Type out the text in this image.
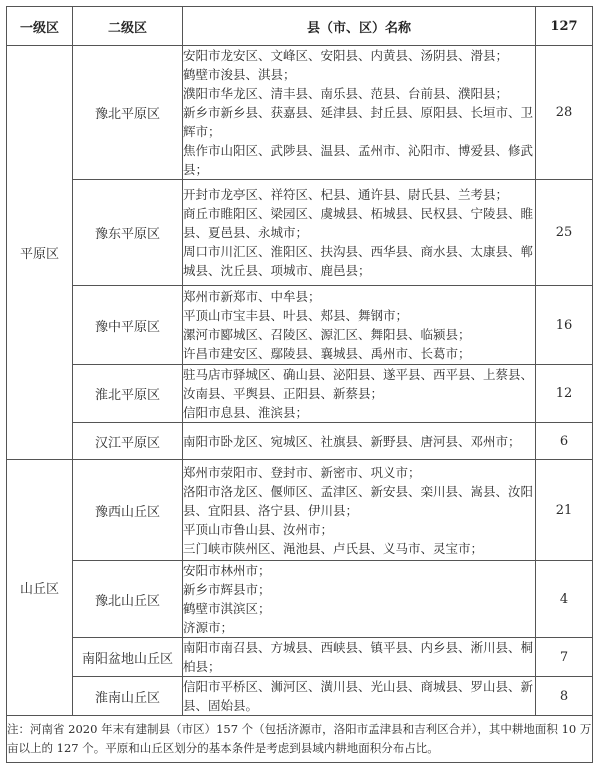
一级区	二级区	县（市、区）名称	127
平原区	豫北平原区	安阳市龙安区、文峰区、安阳县、内黄县、汤阴县、滑县；
鹤壁市浚县、淇县；
濮阳市华龙区、清丰县、南乐县、范县、台前县、濮阳县；
新乡市新乡县、获嘉县、延津县、封丘县、原阳县、长垣市、卫辉市；
焦作市山阳区、武陟县、温县、孟州市、沁阳市、博爱县、修武县；	28
	豫东平原区	开封市龙亭区、祥符区、杞县、通许县、尉氏县、兰考县；
商丘市睢阳区、梁园区、虞城县、柘城县、民权县、宁陵县、睢县、夏邑县、永城市；
周口市川汇区、淮阳区、扶沟县、西华县、商水县、太康县、郸城县、沈丘县、项城市、鹿邑县；	25
	豫中平原区	郑州市新郑市、中牟县；
平顶山市宝丰县、叶县、郏县、舞钢市；
漯河市郾城区、召陵区、源汇区、舞阳县、临颍县；
许昌市建安区、鄢陵县、襄城县、禹州市、长葛市；	16
	淮北平原区	驻马店市驿城区、确山县、泌阳县、遂平县、西平县、上蔡县、汝南县、平舆县、正阳县、新蔡县；
信阳市息县、淮滨县；	12
	汉江平原区	南阳市卧龙区、宛城区、社旗县、新野县、唐河县、邓州市；	6
山丘区	豫西山丘区	郑州市荥阳市、登封市、新密市、巩义市；
洛阳市洛龙区、偃师区、孟津区、新安县、栾川县、嵩县、汝阳县、宜阳县、洛宁县、伊川县；
平顶山市鲁山县、汝州市；
三门峡市陕州区、渑池县、卢氏县、义马市、灵宝市；	21
	豫北山丘区	安阳市林州市；
新乡市辉县市；
鹤壁市淇滨区；
济源市；	4
	南阳盆地山丘区	南阳市南召县、方城县、西峡县、镇平县、内乡县、淅川县、桐柏县；	7
	淮南山丘区	信阳市平桥区、浉河区、潢川县、光山县、商城县、罗山县、新县、固始县。	8
注：河南省 2020 年末有建制县（市区）157 个（包括济源市，洛阳市孟津县和吉利区合并），其中耕地面积 10 万亩以上的 127 个。平原和山丘区划分的基本条件是考虑到县域内耕地面积分布占比。			
